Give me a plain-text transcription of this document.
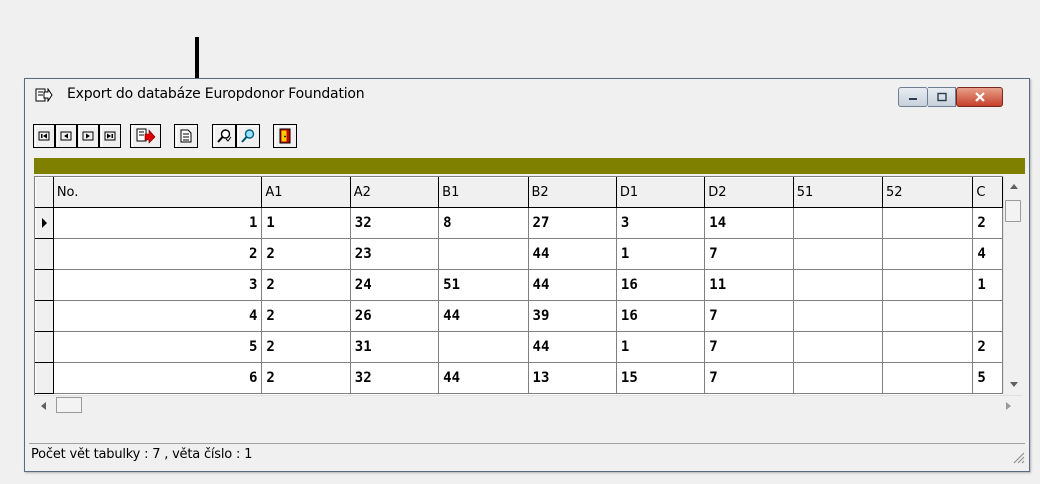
Export do databáze Europdonor Foundation
	No.	A1	A2	B1	B2	D1	D2	51	52	C

	1	1	32	8	27	3	14			2
	2	2	23		44	1	7			4
	3	2	24	51	44	16	11			1
	4	2	26	44	39	16	7			
	5	2	31		44	1	7			2
	6	2	32	44	13	15	7			5
Počet vět tabulky : 7 , věta číslo : 1
